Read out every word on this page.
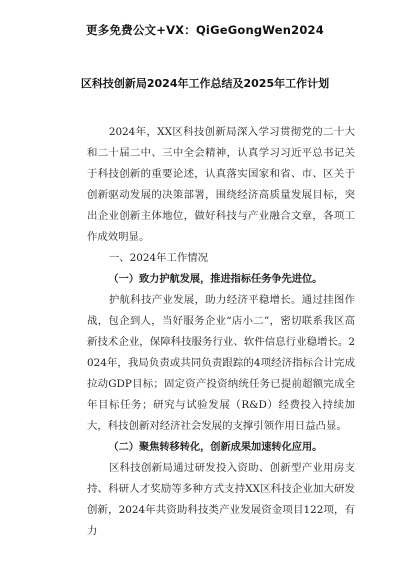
更多免费公文+VX：QiGeGongWen2024
区科技创新局2024年工作总结及2025年工作计划

2024年，XX区科技创新局深入学习贯彻党的二十大和二十届二中、三中全会精神，认真学习习近平总书记关于科技创新的重要论述，认真落实国家和省、市、区关于创新驱动发展的决策部署，围绕经济高质量发展目标，突出企业创新主体地位，做好科技与产业融合文章，各项工作成效明显。

一、2024年工作情况

（一）致力护航发展，推进指标任务争先进位。

护航科技产业发展，助力经济平稳增长。通过挂图作战，包企到人，当好服务企业“店小二”，密切联系我区高新技术企业，保障科技服务行业、软件信息行业稳增长。2024年，我局负责或共同负责跟踪的4项经济指标合计完成拉动GDP目标；固定资产投资纳统任务已提前超额完成全年目标任务；研究与试验发展（R&D）经费投入持续加大，科技创新对经济社会发展的支撑引领作用日益凸显。

（二）聚焦转移转化，创新成果加速转化应用。

区科技创新局通过研发投入资助、创新型产业用房支持、科研人才奖励等多种方式支持XX区科技企业加大研发创新，2024年共资助科技类产业发展资金项目122项，有力
